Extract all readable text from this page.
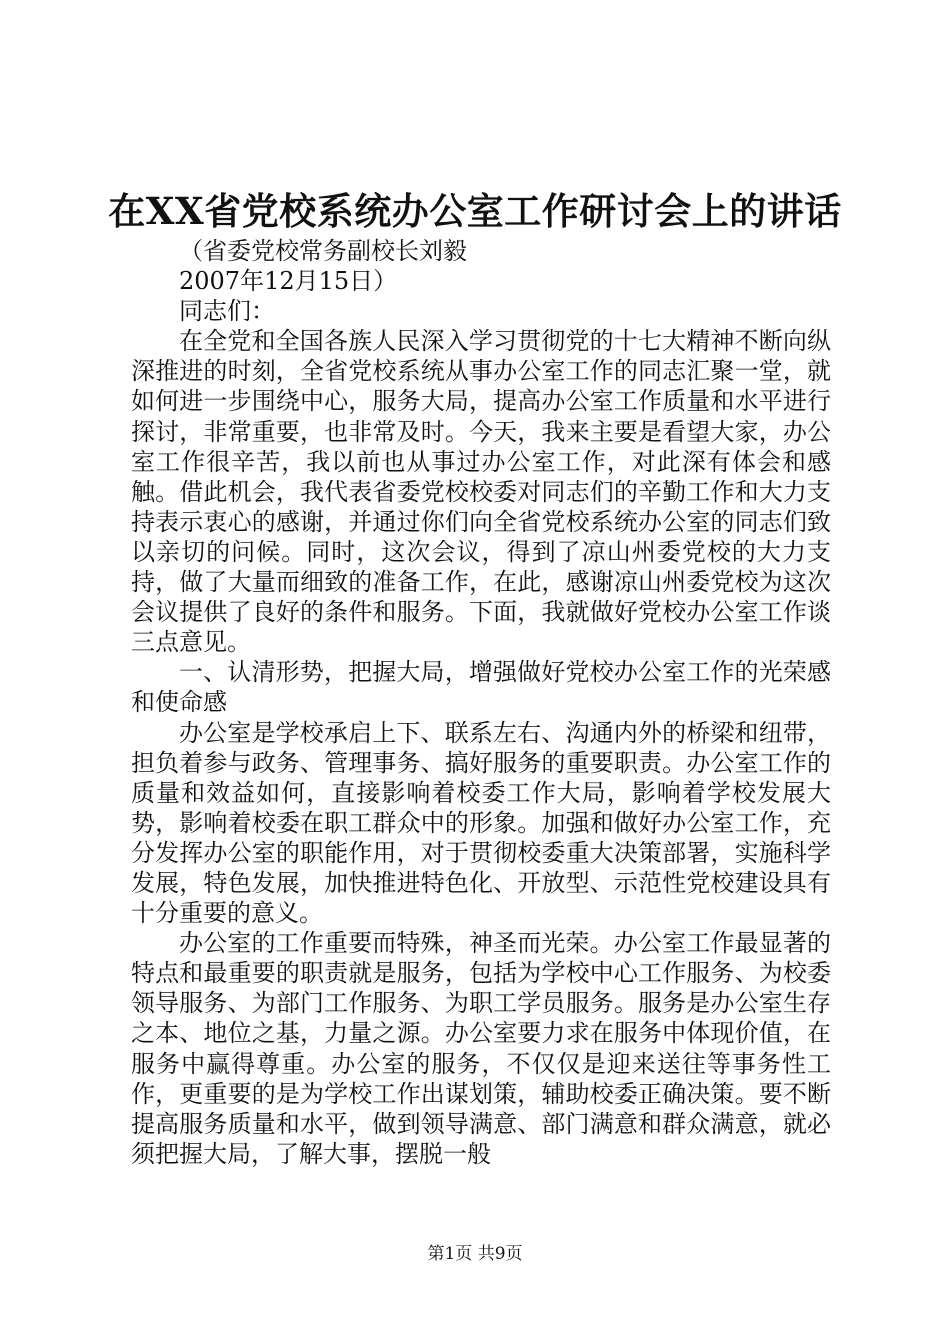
在XX省党校系统办公室工作研讨会上的讲话

（省委党校常务副校长刘毅

2007年12月15日）

同志们：

在全党和全国各族人民深入学习贯彻党的十七大精神不断向纵深推进的时刻，全省党校系统从事办公室工作的同志汇聚一堂，就如何进一步围绕中心，服务大局，提高办公室工作质量和水平进行探讨，非常重要，也非常及时。今天，我来主要是看望大家，办公室工作很辛苦，我以前也从事过办公室工作，对此深有体会和感触。借此机会，我代表省委党校校委对同志们的辛勤工作和大力支持表示衷心的感谢，并通过你们向全省党校系统办公室的同志们致以亲切的问候。同时，这次会议，得到了凉山州委党校的大力支持，做了大量而细致的准备工作，在此，感谢凉山州委党校为这次会议提供了良好的条件和服务。下面，我就做好党校办公室工作谈三点意见。

一、认清形势，把握大局，增强做好党校办公室工作的光荣感和使命感

办公室是学校承启上下、联系左右、沟通内外的桥梁和纽带，担负着参与政务、管理事务、搞好服务的重要职责。办公室工作的质量和效益如何，直接影响着校委工作大局，影响着学校发展大势，影响着校委在职工群众中的形象。加强和做好办公室工作，充分发挥办公室的职能作用，对于贯彻校委重大决策部署，实施科学发展，特色发展，加快推进特色化、开放型、示范性党校建设具有十分重要的意义。

办公室的工作重要而特殊，神圣而光荣。办公室工作最显著的特点和最重要的职责就是服务，包括为学校中心工作服务、为校委领导服务、为部门工作服务、为职工学员服务。服务是办公室生存之本、地位之基，力量之源。办公室要力求在服务中体现价值，在服务中赢得尊重。办公室的服务，不仅仅是迎来送往等事务性工作，更重要的是为学校工作出谋划策，辅助校委正确决策。要不断提高服务质量和水平，做到领导满意、部门满意和群众满意，就必须把握大局，了解大事，摆脱一般

第1页 共9页
